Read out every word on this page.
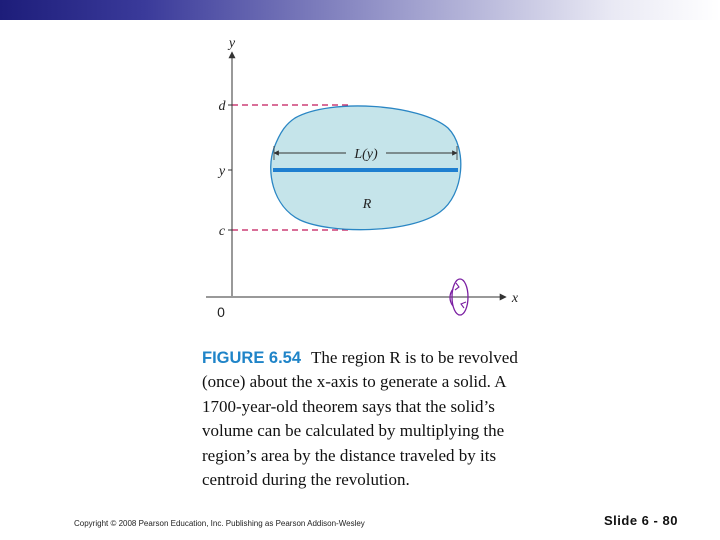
L(y)
R
y
x
d
y
c
0
FIGURE 6.54 The region R is to be revolved (once) about the x-axis to generate a solid. A 1700-year-old theorem says that the solid’s volume can be calculated by multiplying the region’s area by the distance traveled by its centroid during the revolution.
Copyright © 2008 Pearson Education, Inc. Publishing as Pearson Addison-Wesley	Slide 6 - 80
